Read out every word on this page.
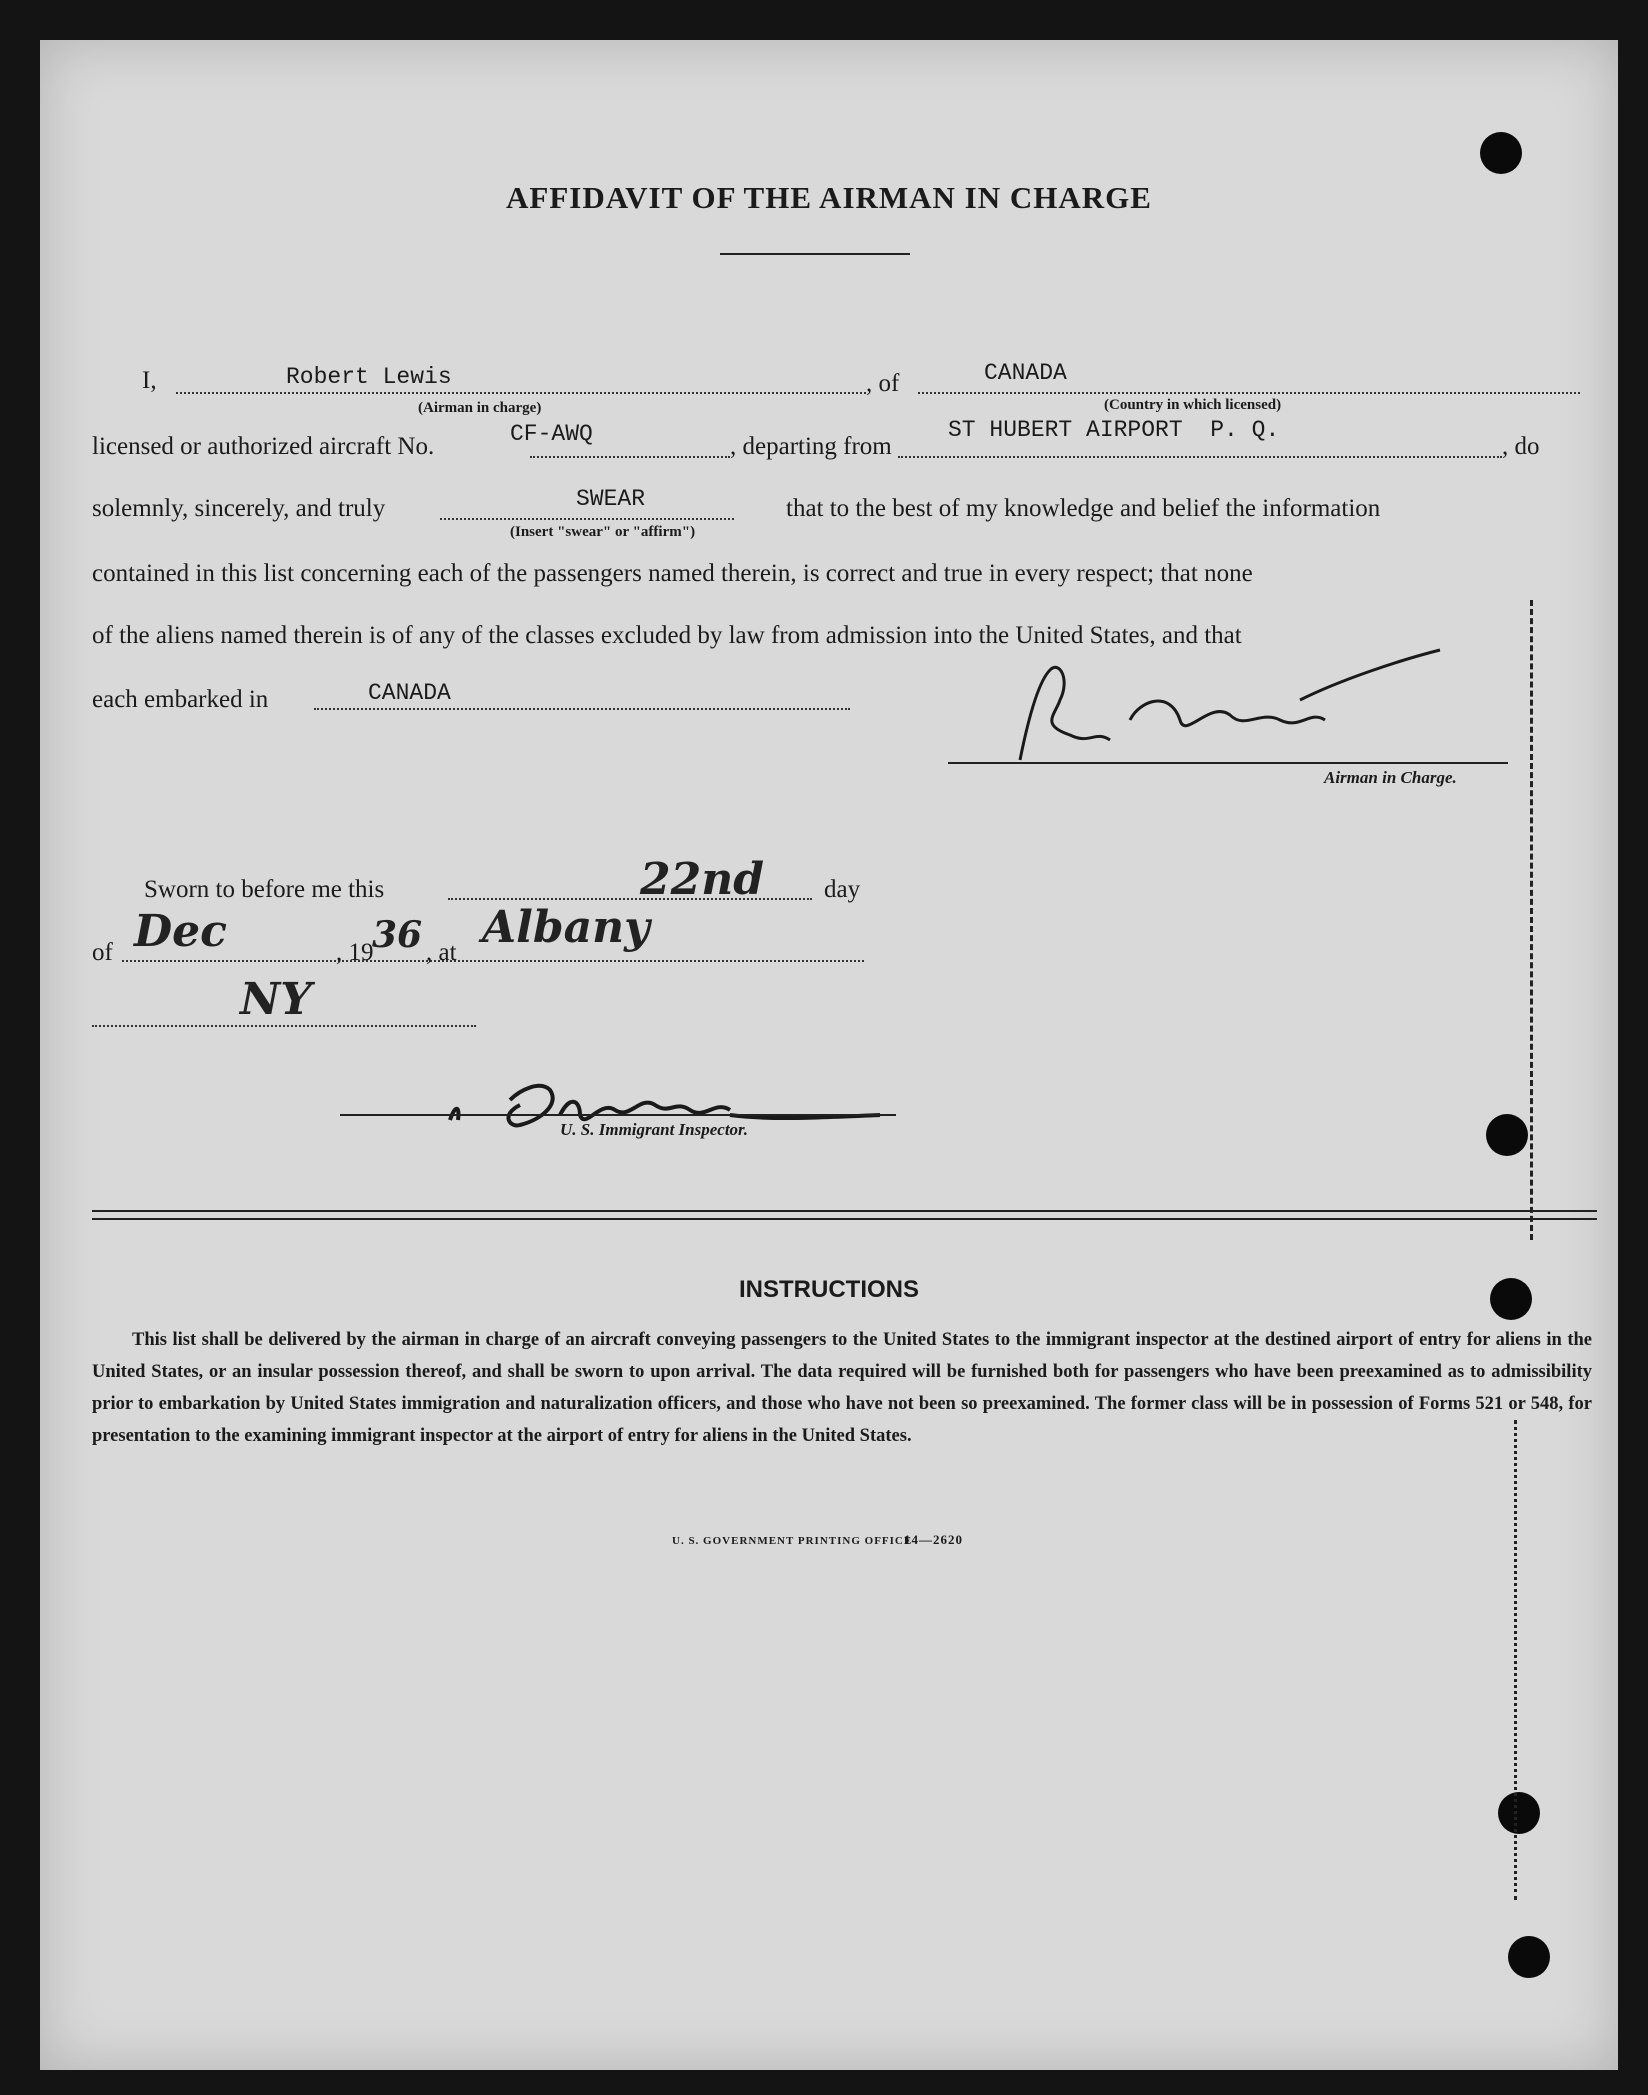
AFFIDAVIT OF THE AIRMAN IN CHARGE
I,	Robert Lewis
(Airman in charge)
, of	CANADA
(Country in which licensed)
licensed or authorized aircraft No.	CF-AWQ	, departing from
ST HUBERT AIRPORT  P. Q.
, do
solemnly, sincerely, and truly	SWEAR
(Insert "swear" or "affirm")
that to the best of my knowledge and belief the information
contained in this list concerning each of the passengers named therein, is correct and true in every respect; that none
of the aliens named therein is of any of the classes excluded by law from admission into the United States, and that
each embarked in	CANADA
Airman in Charge.
Sworn to before me this	22nd day
of Dec	, 19
36 , at Albany
NY
U. S. Immigrant Inspector.
INSTRUCTIONS
This list shall be delivered by the airman in charge of an aircraft conveying passengers to the United States to the immigrant inspector at the destined airport of entry for aliens in the United States, or an insular possession thereof, and shall be sworn to upon arrival. The data required will be furnished both for passengers who have been preexamined as to admissibility prior to embarkation by United States immigration and naturalization officers, and those who have not been so preexamined. The former class will be in possession of Forms 521 or 548, for presentation to the examining immigrant inspector at the airport of entry for aliens in the United States.
U. S. GOVERNMENT PRINTING OFFICE
14—2620
